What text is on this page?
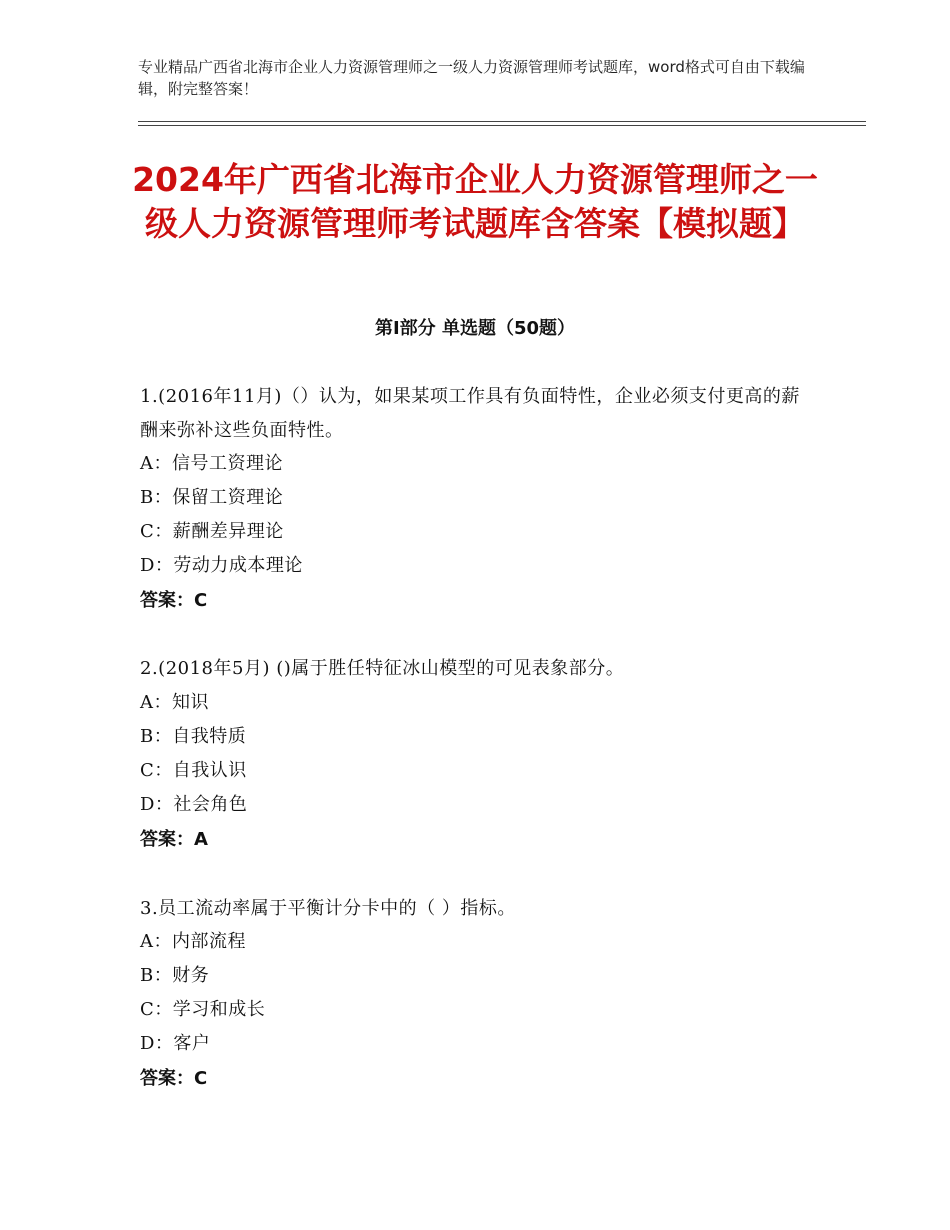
专业精品广西省北海市企业人力资源管理师之一级人力资源管理师考试题库，word格式可自由下载编辑，附完整答案！
2024年广西省北海市企业人力资源管理师之一级人力资源管理师考试题库含答案【模拟题】
第Ⅰ部分 单选题（50题）
1.(2016年11月)（）认为，如果某项工作具有负面特性，企业必须支付更高的薪酬来弥补这些负面特性。
A：信号工资理论
B：保留工资理论
C：薪酬差异理论
D：劳动力成本理论
答案：C
2.(2018年5月) ()属于胜任特征冰山模型的可见表象部分。
A：知识
B：自我特质
C：自我认识
D：社会角色
答案：A
3.员工流动率属于平衡计分卡中的（ ）指标。
A：内部流程
B：财务
C：学习和成长
D：客户
答案：C
